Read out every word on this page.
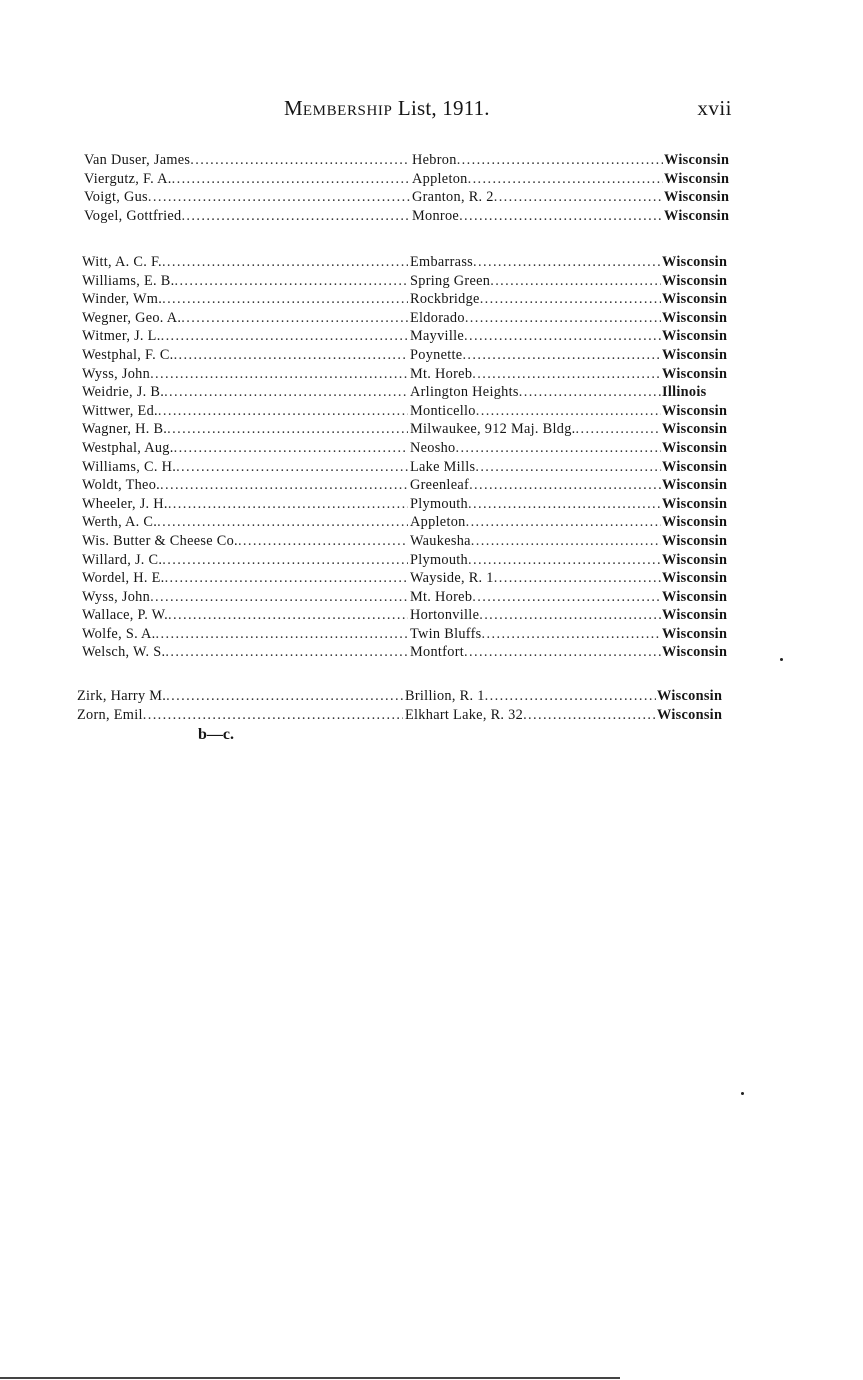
MEMBERSHIP List, 1911.	xvii
Van Duser, James .....	Hebron .....	Wisconsin
Viergutz, F. A. .....	Appleton .....	Wisconsin
Voigt, Gus .....	Granton, R. 2 .....	Wisconsin
Vogel, Gottfried .....	Monroe .....	Wisconsin
Witt, A. C. F. .....	Embarrass .....	Wisconsin
Williams, E. B. .....	Spring Green .....	Wisconsin
Winder, Wm. .....	Rockbridge .....	Wisconsin
Wegner, Geo. A. .....	Eldorado .....	Wisconsin
Witmer, J. L. .....	Mayville .....	Wisconsin
Westphal, F. C. .....	Poynette .....	Wisconsin
Wyss, John .....	Mt. Horeb .....	Wisconsin
Weidrie, J. B. .....	Arlington Heights .....	Illinois
Wittwer, Ed. .....	Monticello .....	Wisconsin
Wagner, H. B. .....	Milwaukee, 912 Maj. Bldg. .....	Wisconsin
Westphal, Aug. .....	Neosho .....	Wisconsin
Williams, C. H. .....	Lake Mills .....	Wisconsin
Woldt, Theo. .....	Greenleaf .....	Wisconsin
Wheeler, J. H. .....	Plymouth .....	Wisconsin
Werth, A. C. .....	Appleton .....	Wisconsin
Wis. Butter & Cheese Co. .....	Waukesha .....	Wisconsin
Willard, J. C. .....	Plymouth .....	Wisconsin
Wordel, H. E. .....	Wayside, R. 1 .....	Wisconsin
Wyss, John .....	Mt. Horeb .....	Wisconsin
Wallace, P. W. .....	Hortonville .....	Wisconsin
Wolfe, S. A. .....	Twin Bluffs .....	Wisconsin
Welsch, W. S. .....	Montfort .....	Wisconsin
Zirk, Harry M. .....	Brillion, R. 1 .....	Wisconsin
Zorn, Emil .....	Elkhart Lake, R. 32 .....	Wisconsin
b—c.
